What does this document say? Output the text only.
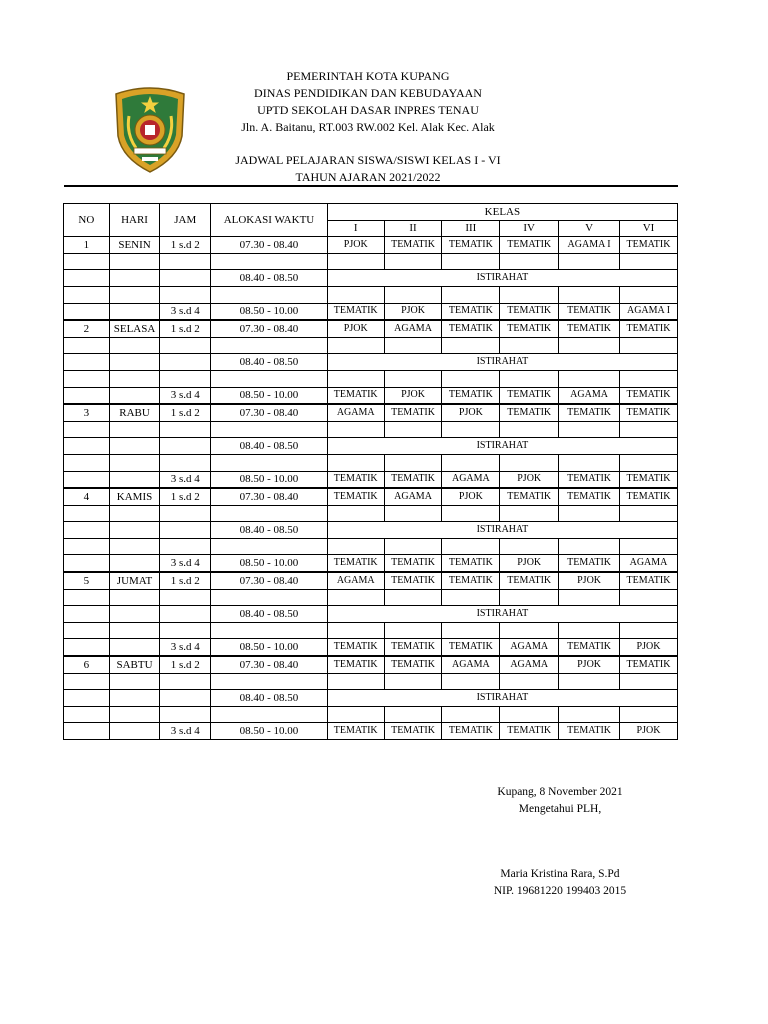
PEMERINTAH KOTA KUPANG
DINAS PENDIDIKAN DAN KEBUDAYAAN
UPTD SEKOLAH DASAR INPRES TENAU
Jln. A. Baitanu, RT.003 RW.002 Kel. Alak Kec. Alak
JADWAL PELAJARAN SISWA/SISWI KELAS I - VI
TAHUN AJARAN 2021/2022
NO	HARI	JAM	ALOKASI WAKTU	KELAS					
				I	II	III	IV	V	VI
1	SENIN	1 s.d 2	07.30 - 08.40	PJOK	TEMATIK	TEMATIK	TEMATIK	AGAMA I	TEMATIK

			08.40 - 08.50	ISTIRAHAT					

		3 s.d 4	08.50 - 10.00	TEMATIK	PJOK	TEMATIK	TEMATIK	TEMATIK	AGAMA I
2	SELASA	1 s.d 2	07.30 - 08.40	PJOK	AGAMA	TEMATIK	TEMATIK	TEMATIK	TEMATIK

			08.40 - 08.50	ISTIRAHAT					

		3 s.d 4	08.50 - 10.00	TEMATIK	PJOK	TEMATIK	TEMATIK	AGAMA	TEMATIK
3	RABU	1 s.d 2	07.30 - 08.40	AGAMA	TEMATIK	PJOK	TEMATIK	TEMATIK	TEMATIK

			08.40 - 08.50	ISTIRAHAT					

		3 s.d 4	08.50 - 10.00	TEMATIK	TEMATIK	AGAMA	PJOK	TEMATIK	TEMATIK
4	KAMIS	1 s.d 2	07.30 - 08.40	TEMATIK	AGAMA	PJOK	TEMATIK	TEMATIK	TEMATIK

			08.40 - 08.50	ISTIRAHAT					

		3 s.d 4	08.50 - 10.00	TEMATIK	TEMATIK	TEMATIK	PJOK	TEMATIK	AGAMA
5	JUMAT	1 s.d 2	07.30 - 08.40	AGAMA	TEMATIK	TEMATIK	TEMATIK	PJOK	TEMATIK

			08.40 - 08.50	ISTIRAHAT					

		3 s.d 4	08.50 - 10.00	TEMATIK	TEMATIK	TEMATIK	AGAMA	TEMATIK	PJOK
6	SABTU	1 s.d 2	07.30 - 08.40	TEMATIK	TEMATIK	AGAMA	AGAMA	PJOK	TEMATIK

			08.40 - 08.50	ISTIRAHAT					

		3 s.d 4	08.50 - 10.00	TEMATIK	TEMATIK	TEMATIK	TEMATIK	TEMATIK	PJOK
Kupang, 8 November 2021
Mengetahui PLH,
Maria Kristina Rara, S.Pd
NIP. 19681220 199403 2015
